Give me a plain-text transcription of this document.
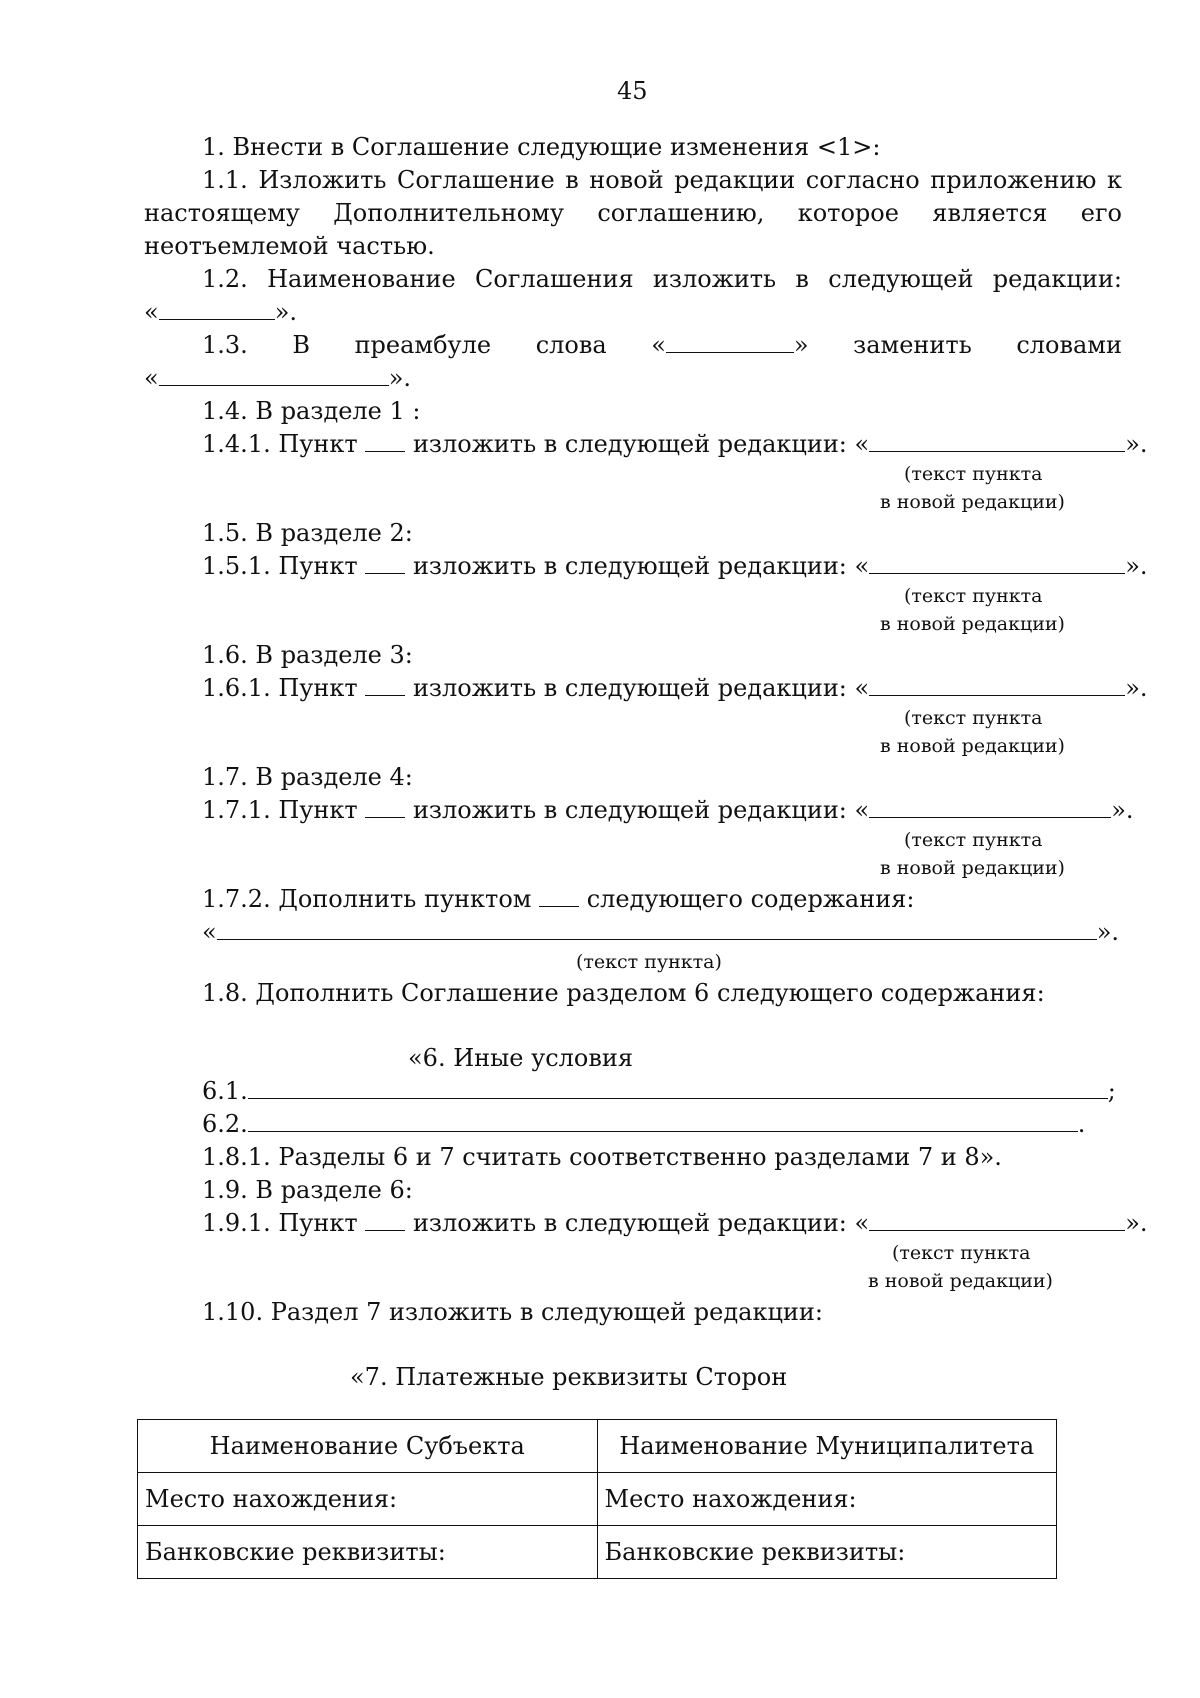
45
1. Внести в Соглашение следующие изменения <1>:
1.1. Изложить Соглашение в новой редакции согласно приложению к
настоящему Дополнительному соглашению, которое является его
неотъемлемой частью.
1.2. Наименование Соглашения изложить в следующей редакции:
«	».
1.3. В преамбуле слова «	» заменить словами
«	».
1.4. В разделе 1 :
1.4.1. Пункт изложить в следующей редакции: «	».
(текст пункта
в новой редакции)
1.5. В разделе 2:
1.5.1. Пункт изложить в следующей редакции: «	».
(текст пункта
в новой редакции)
1.6. В разделе 3:
1.6.1. Пункт изложить в следующей редакции: «	».
(текст пункта
в новой редакции)
1.7. В разделе 4:
1.7.1. Пункт изложить в следующей редакции: «	».
(текст пункта
в новой редакции)
1.7.2. Дополнить пунктом следующего содержания:
«	».
(текст пункта)
1.8. Дополнить Соглашение разделом 6 следующего содержания:
«6. Иные условия
6.1.	;
6.2.	.
1.8.1. Разделы 6 и 7 считать соответственно разделами 7 и 8».
1.9. В разделе 6:
1.9.1. Пункт изложить в следующей редакции: «	».
(текст пункта
в новой редакции)
1.10. Раздел 7 изложить в следующей редакции:
«7. Платежные реквизиты Сторон
Наименование Субъекта	Наименование Муниципалитета
Место нахождения:	Место нахождения:
Банковские реквизиты:	Банковские реквизиты:
